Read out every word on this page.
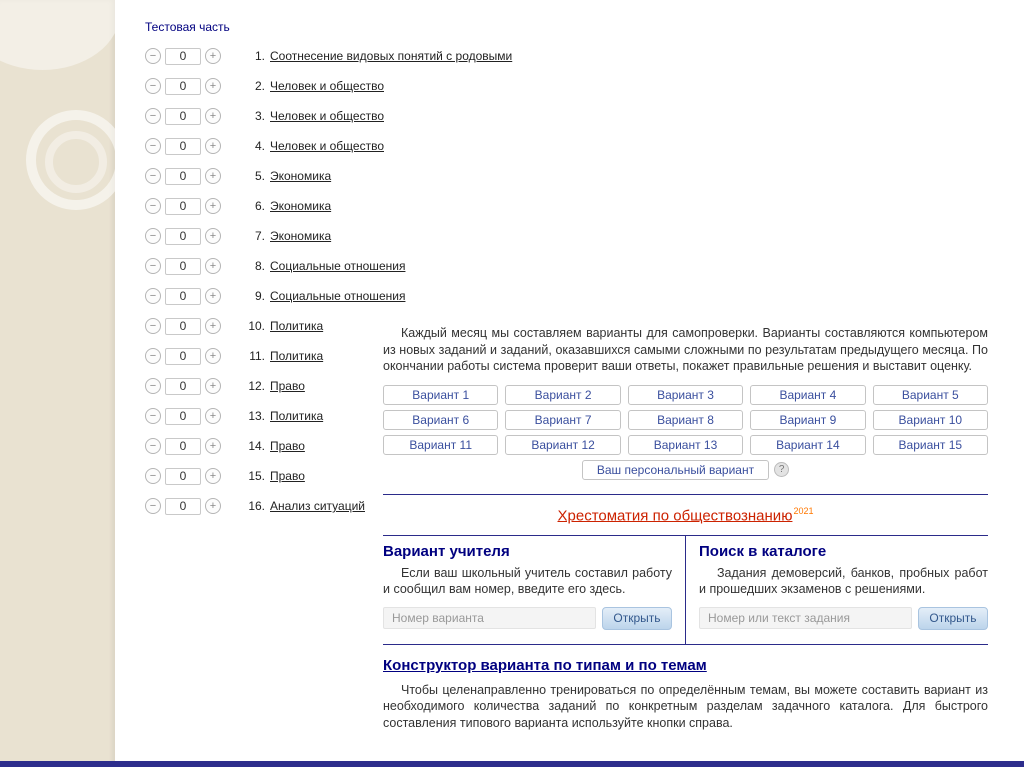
Тестовая часть
−	0	+	1. Соотнесение видовых понятий с родовыми
−	0	+	2. Человек и общество
−	0	+	3. Человек и общество
−	0	+	4. Человек и общество
−	0	+	5. Экономика
−	0	+	6. Экономика
−	0	+	7. Экономика
−	0	+	8. Социальные отношения
−	0	+	9. Социальные отношения
−	0	+	10. Политика
−	0	+	11. Политика
−	0	+	12. Право
−	0	+	13. Политика
−	0	+	14. Право
−	0	+	15. Право
−	0	+	16. Анализ ситуаций

Каждый месяц мы составляем варианты для самопроверки. Варианты составляются компьютером из новых заданий и заданий, оказавшихся самыми сложными по результатам предыдущего месяца. По окончании работы система проверит ваши ответы, покажет правильные решения и выставит оценку.

Вариант 1	Вариант 2	Вариант 3	Вариант 4	Вариант 5
Вариант 6	Вариант 7	Вариант 8	Вариант 9	Вариант 10
Вариант 11	Вариант 12	Вариант 13	Вариант 14	Вариант 15
Ваш персональный вариант	?
Хрестоматия по обществознанию$^{2021}$
Вариант учителя

Если ваш школьный учитель составил работу и сообщил вам номер, введите его здесь.

Номер варианта
Открыть
Поиск в каталоге

Задания демоверсий, банков, пробных работ и прошедших экзаменов с решениями.

Номер или текст задания
Открыть
Конструктор варианта по типам и по темам

Чтобы целенаправленно тренироваться по определённым темам, вы можете составить вариант из необходимого количества заданий по конкретным разделам задачного каталога. Для быстрого составления типового варианта используйте кнопки справа.
